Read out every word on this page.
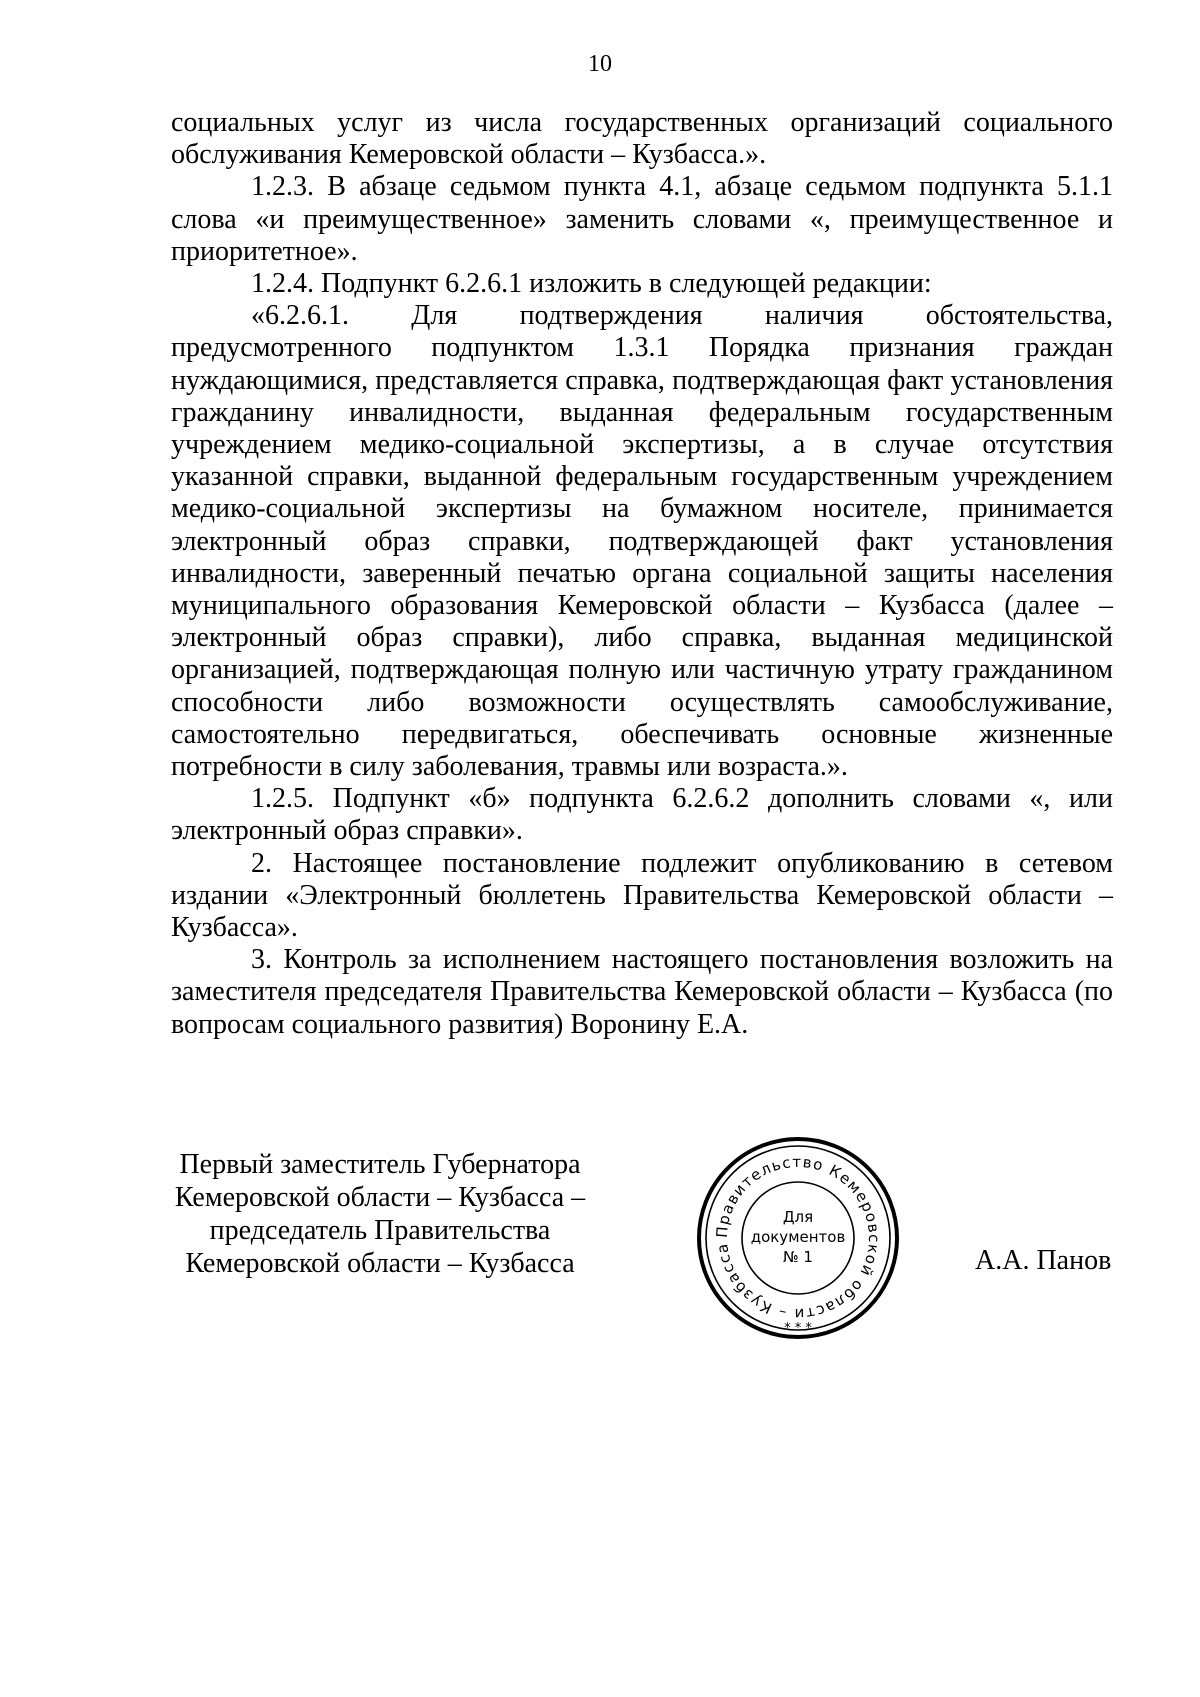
10

социальных услуг из числа государственных организаций социального обслуживания Кемеровской области – Кузбасса.».

1.2.3. В абзаце седьмом пункта 4.1, абзаце седьмом подпункта 5.1.1 слова «и преимущественное» заменить словами «, преимущественное и приоритетное».

1.2.4. Подпункт 6.2.6.1 изложить в следующей редакции:

«6.2.6.1. Для подтверждения наличия обстоятельства, предусмотренного подпунктом 1.3.1 Порядка признания граждан нуждающимися, представляется справка, подтверждающая факт установления гражданину инвалидности, выданная федеральным государственным учреждением медико-социальной экспертизы, а в случае отсутствия указанной справки, выданной федеральным государственным учреждением медико-социальной экспертизы на бумажном носителе, принимается электронный образ справки, подтверждающей факт установления инвалидности, заверенный печатью органа социальной защиты населения муниципального образования Кемеровской области – Кузбасса (далее – электронный образ справки), либо справка, выданная медицинской организацией, подтверждающая полную или частичную утрату гражданином способности либо возможности осуществлять самообслуживание, самостоятельно передвигаться, обеспечивать основные жизненные потребности в силу заболевания, травмы или возраста.».

1.2.5. Подпункт «б» подпункта 6.2.6.2 дополнить словами «, или электронный образ справки».

2. Настоящее постановление подлежит опубликованию в сетевом издании «Электронный бюллетень Правительства Кемеровской области – Кузбасса».

3. Контроль за исполнением настоящего постановления возложить на заместителя председателя Правительства Кемеровской области – Кузбасса (по вопросам социального развития) Воронину Е.А.

Первый заместитель Губернатора
Кемеровской области – Кузбасса –
председатель Правительства
Кемеровской области – Кузбасса
Правительство Кемеровской области – Кузбасса
Для
документов
№ 1
* * *
А.А. Панов
